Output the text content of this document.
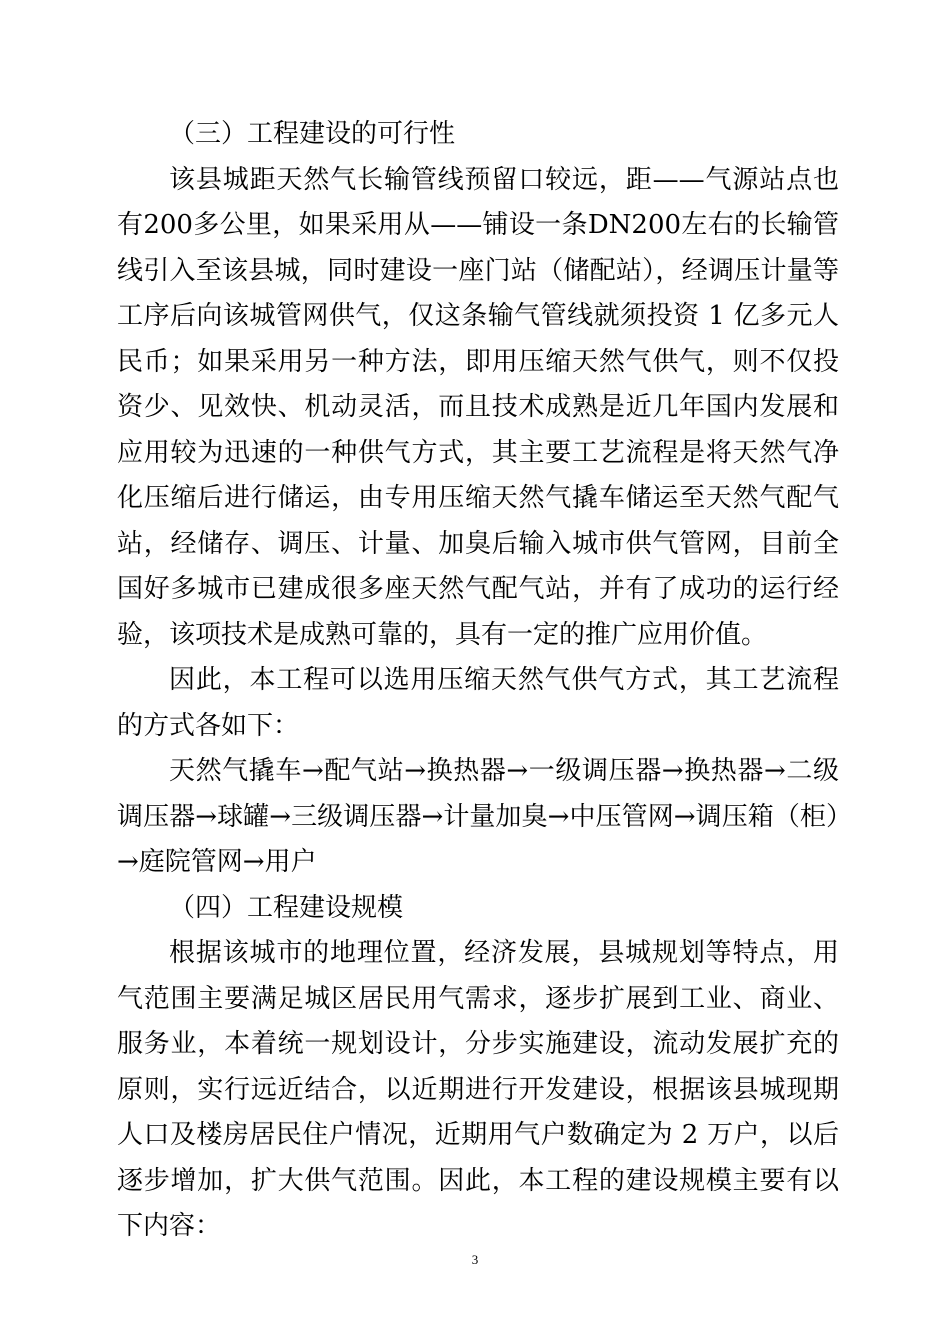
（三）工程建设的可行性

该县城距天然气长输管线预留口较远，距——气源站点也有200多公里，如果采用从——铺设一条DN200左右的长输管线引入至该县城，同时建设一座门站（储配站），经调压计量等工序后向该城管网供气，仅这条输气管线就须投资 1 亿多元人民币；如果采用另一种方法，即用压缩天然气供气，则不仅投资少、见效快、机动灵活，而且技术成熟是近几年国内发展和应用较为迅速的一种供气方式，其主要工艺流程是将天然气净化压缩后进行储运，由专用压缩天然气撬车储运至天然气配气站，经储存、调压、计量、加臭后输入城市供气管网，目前全国好多城市已建成很多座天然气配气站，并有了成功的运行经验，该项技术是成熟可靠的，具有一定的推广应用价值。

因此，本工程可以选用压缩天然气供气方式，其工艺流程的方式各如下：

天然气撬车→配气站→换热器→一级调压器→换热器→二级调压器→球罐→三级调压器→计量加臭→中压管网→调压箱（柜）→庭院管网→用户

（四）工程建设规模

根据该城市的地理位置，经济发展，县城规划等特点，用气范围主要满足城区居民用气需求，逐步扩展到工业、商业、服务业，本着统一规划设计，分步实施建设，流动发展扩充的原则，实行远近结合，以近期进行开发建设，根据该县城现期人口及楼房居民住户情况，近期用气户数确定为 2 万户，以后逐步增加，扩大供气范围。因此，本工程的建设规模主要有以下内容：

3
